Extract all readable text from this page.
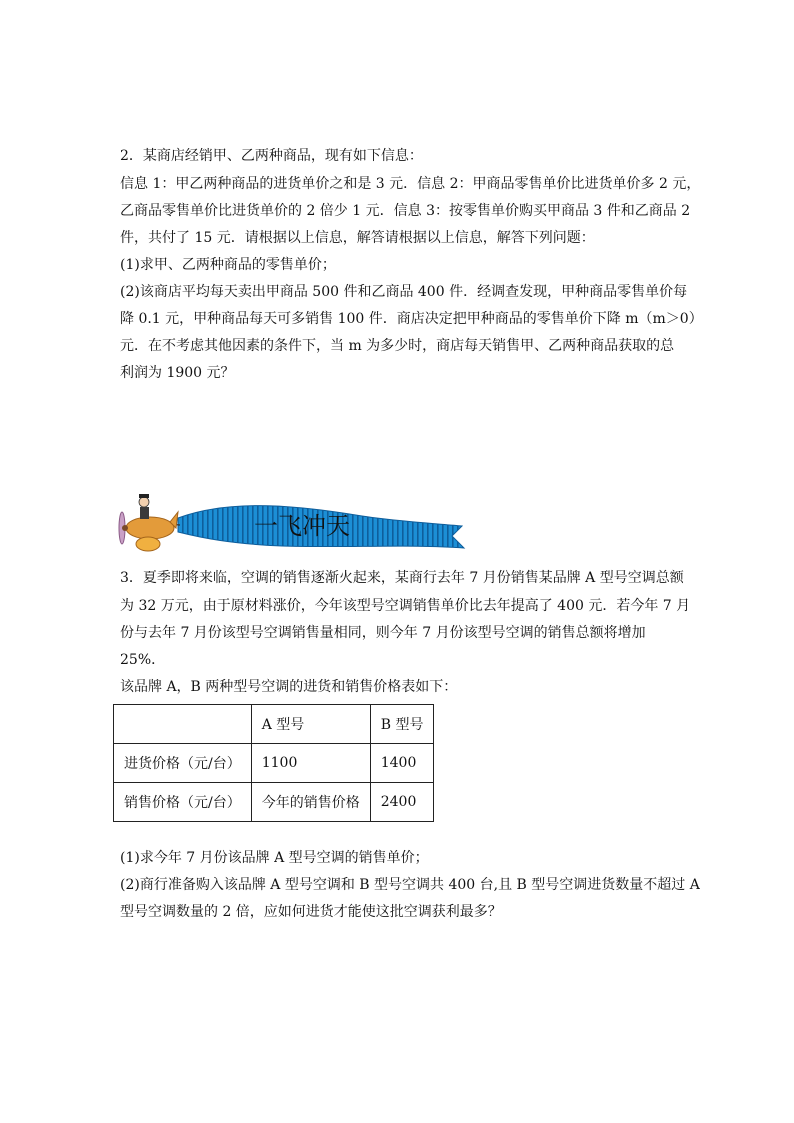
2．某商店经销甲、乙两种商品，现有如下信息：
信息 1：甲乙两种商品的进货单价之和是 3 元．信息 2：甲商品零售单价比进货单价多 2 元，
乙商品零售单价比进货单价的 2 倍少 1 元．信息 3：按零售单价购买甲商品 3 件和乙商品 2
件，共付了 15 元．请根据以上信息，解答请根据以上信息，解答下列问题：
(1)求甲、乙两种商品的零售单价；
(2)该商店平均每天卖出甲商品 500 件和乙商品 400 件．经调查发现，甲种商品零售单价每
降 0.1 元，甲种商品每天可多销售 100 件．商店决定把甲种商品的零售单价下降 m（m＞0）
元．在不考虑其他因素的条件下，当 m 为多少时，商店每天销售甲、乙两种商品获取的总
利润为 1900 元？
一飞冲天
3．夏季即将来临，空调的销售逐渐火起来，某商行去年 7 月份销售某品牌 A 型号空调总额
为 32 万元，由于原材料涨价，今年该型号空调销售单价比去年提高了 400 元．若今年 7 月
份与去年 7 月份该型号空调销售量相同，则今年 7 月份该型号空调的销售总额将增加
25%．
该品牌 A，B 两种型号空调的进货和销售价格表如下：
	A 型号	B 型号
进货价格（元/台）	1100	1400
销售价格（元/台）	今年的销售价格	2400
(1)求今年 7 月份该品牌 A 型号空调的销售单价；
(2)商行准备购入该品牌 A 型号空调和 B 型号空调共 400 台,且 B 型号空调进货数量不超过 A
型号空调数量的 2 倍，应如何进货才能使这批空调获利最多？
